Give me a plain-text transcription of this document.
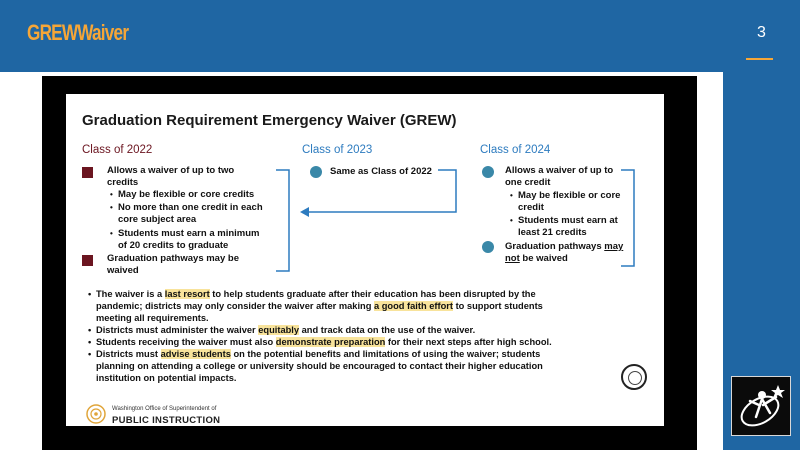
GREWWaiver	3
Graduation Requirement Emergency Waiver (GREW)
Class of 2022	Class of 2023	Class of 2024
Allows a waiver of up to two
credits
• May be flexible or core credits
• No more than one credit in each
core subject area
• Students must earn a minimum
of 20 credits to graduate
Graduation pathways may be
waived
Same as Class of 2022	Allows a waiver of up to
one credit
• May be flexible or core
credit
• Students must earn at
least 21 credits
Graduation pathways may
not be waived
• The waiver is a last resort to help students graduate after their education has been disrupted by the
pandemic; districts may only consider the waiver after making a good faith effort to support students
meeting all requirements.
• Districts must administer the waiver equitably and track data on the use of the waiver.
• Students receiving the waiver must also demonstrate preparation for their next steps after high school.
• Districts must advise students on the potential benefits and limitations of using the waiver; students
planning on attending a college or university should be encouraged to contact their higher education
institution on potential impacts.
Washington Office of Superintendent of
PUBLIC INSTRUCTION
